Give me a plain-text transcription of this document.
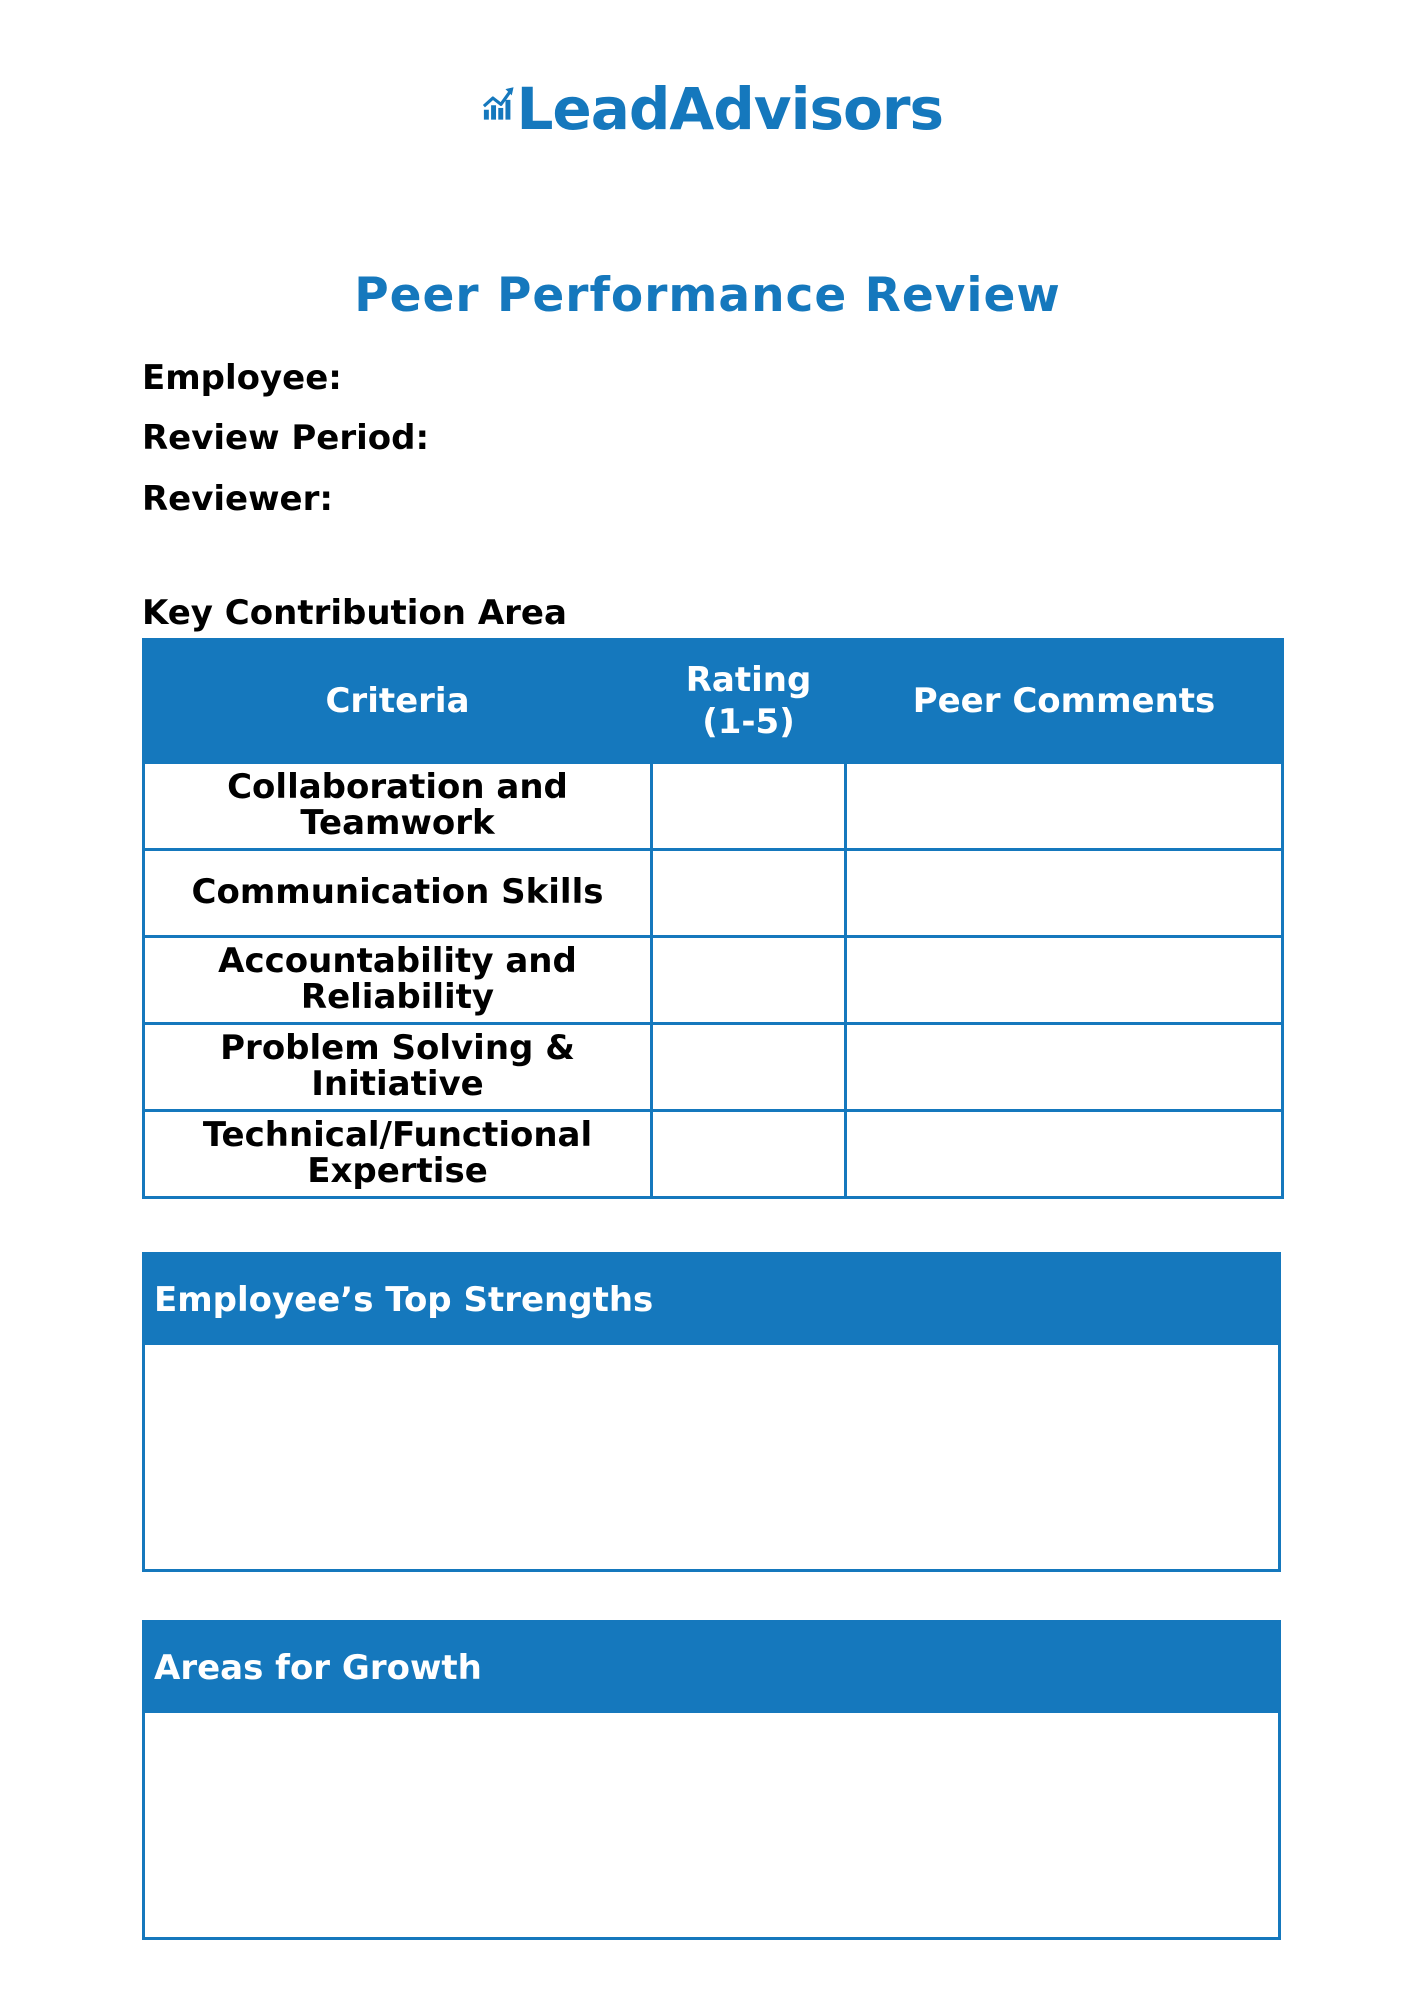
LeadAdvisors
Peer Performance Review
Employee:
Review Period:
Reviewer:
Key Contribution Area
Criteria	Rating (1-5)	Peer Comments
Collaboration and Teamwork		
Communication Skills		
Accountability and Reliability		
Problem Solving & Initiative		
Technical/Functional Expertise		
Employee’s Top Strengths
Areas for Growth
